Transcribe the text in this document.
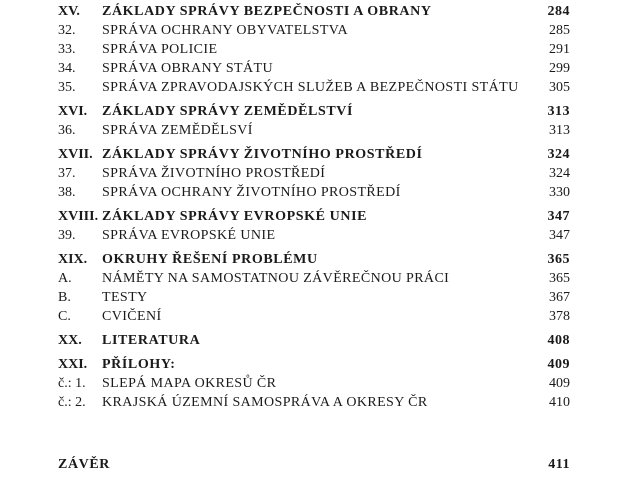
XV.	ZÁKLADY SPRÁVY BEZPEČNOSTI A OBRANY	284
32.	SPRÁVA OCHRANY OBYVATELSTVA	285
33.	SPRÁVA POLICIE	291
34.	SPRÁVA OBRANY STÁTU	299
35.	SPRÁVA ZPRAVODAJSKÝCH SLUŽEB A BEZPEČNOSTI STÁTU	305
XVI.	ZÁKLADY SPRÁVY ZEMĚDĚLSTVÍ	313
36.	SPRÁVA ZEMĚDĚLSVÍ	313
XVII. ZÁKLADY SPRÁVY ŽIVOTNÍHO PROSTŘEDÍ	324
37.	SPRÁVA ŽIVOTNÍHO PROSTŘEDÍ	324
38.	SPRÁVA OCHRANY ŽIVOTNÍHO PROSTŘEDÍ	330
XVIII. ZÁKLADY SPRÁVY EVROPSKÉ UNIE	347
39.	SPRÁVA EVROPSKÉ UNIE	347
XIX.	OKRUHY ŘEŠENÍ PROBLÉMU	365
A.	NÁMĚTY NA SAMOSTATNOU ZÁVĚREČNOU PRÁCI	365
B.	TESTY	367
C.	CVIČENÍ	378
XX.	LITERATURA	408
XXI.	PŘÍLOHY:	409
č.: 1.	SLEPÁ MAPA OKRESŮ ČR	409
č.: 2.	KRAJSKÁ ÚZEMNÍ SAMOSPRÁVA A OKRESY ČR	410
ZÁVĚR	411
